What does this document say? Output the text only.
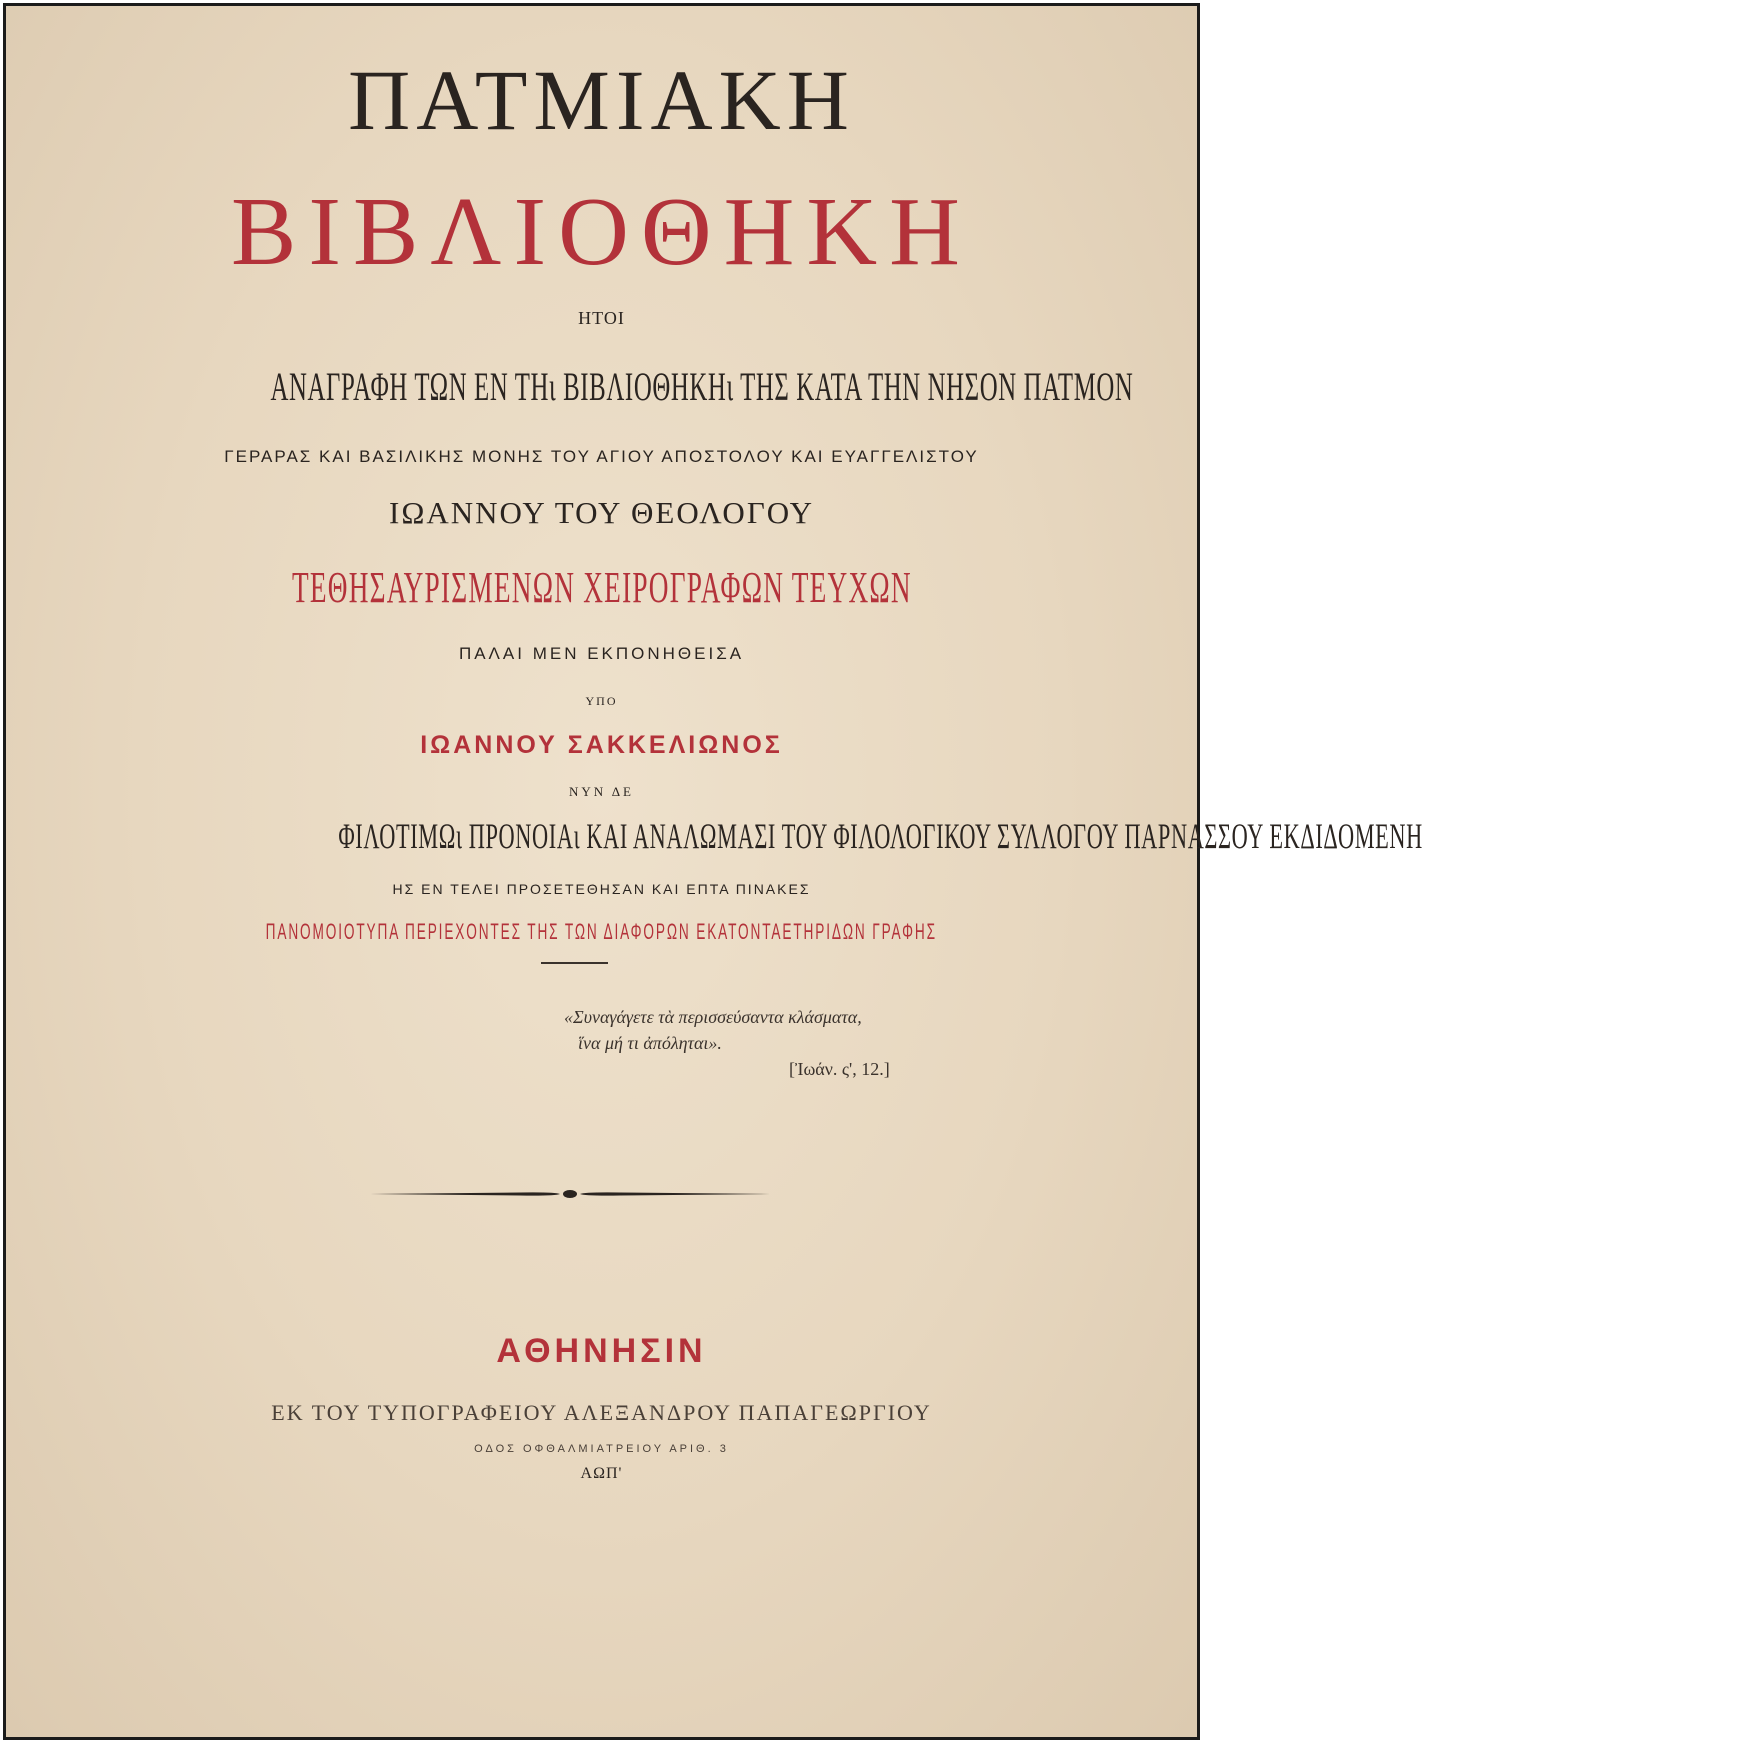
ΠΑΤΜΙΑΚΗ
ΒΙΒΛΙΟΘΗΚΗ
ΗΤΟΙ
ΑΝΑΓΡΑΦΗ ΤΩΝ ΕΝ ΤΗι ΒΙΒΛΙΟΘΗΚΗι ΤΗΣ ΚΑΤΑ ΤΗΝ ΝΗΣΟΝ ΠΑΤΜΟΝ
ΓΕΡΑΡΑΣ ΚΑΙ ΒΑΣΙΛΙΚΗΣ ΜΟΝΗΣ ΤΟΥ ΑΓΙΟΥ ΑΠΟΣΤΟΛΟΥ ΚΑΙ ΕΥΑΓΓΕΛΙΣΤΟΥ
ΙΩΑΝΝΟΥ ΤΟΥ ΘΕΟΛΟΓΟΥ
ΤΕΘΗΣΑΥΡΙΣΜΕΝΩΝ ΧΕΙΡΟΓΡΑΦΩΝ ΤΕΥΧΩΝ
ΠΑΛΑΙ ΜΕΝ ΕΚΠΟΝΗΘΕΙΣΑ
ΥΠΟ
ΙΩΑΝΝΟΥ ΣΑΚΚΕΛΙΩΝΟΣ
ΝΥΝ ΔΕ
ΦΙΛΟΤΙΜΩι ΠΡΟΝΟΙΑι ΚΑΙ ΑΝΑΛΩΜΑΣΙ ΤΟΥ ΦΙΛΟΛΟΓΙΚΟΥ ΣΥΛΛΟΓΟΥ ΠΑΡΝΑΣΣΟΥ ΕΚΔΙΔΟΜΕΝΗ
ΗΣ ΕΝ ΤΕΛΕΙ ΠΡΟΣΕΤΕΘΗΣΑΝ ΚΑΙ ΕΠΤΑ ΠΙΝΑΚΕΣ
ΠΑΝΟΜΟΙΟΤΥΠΑ ΠΕΡΙΕΧΟΝΤΕΣ ΤΗΣ ΤΩΝ ΔΙΑΦΟΡΩΝ ΕΚΑΤΟΝΤΑΕΤΗΡΙΔΩΝ ΓΡΑΦΗΣ
«Συναγάγετε τὰ περισσεύσαντα κλάσματα,
ἵνα μή τι ἀπόληται».
[Ἰωάν. ς', 12.]
ΑΘΗΝΗΣΙΝ
ΕΚ ΤΟΥ ΤΥΠΟΓΡΑΦΕΙΟΥ ΑΛΕΞΑΝΔΡΟΥ ΠΑΠΑΓΕΩΡΓΙΟΥ
ΟΔΟΣ ΟΦΘΑΛΜΙΑΤΡΕΙΟΥ ΑΡΙΘ. 3
ΑΩΠ'
